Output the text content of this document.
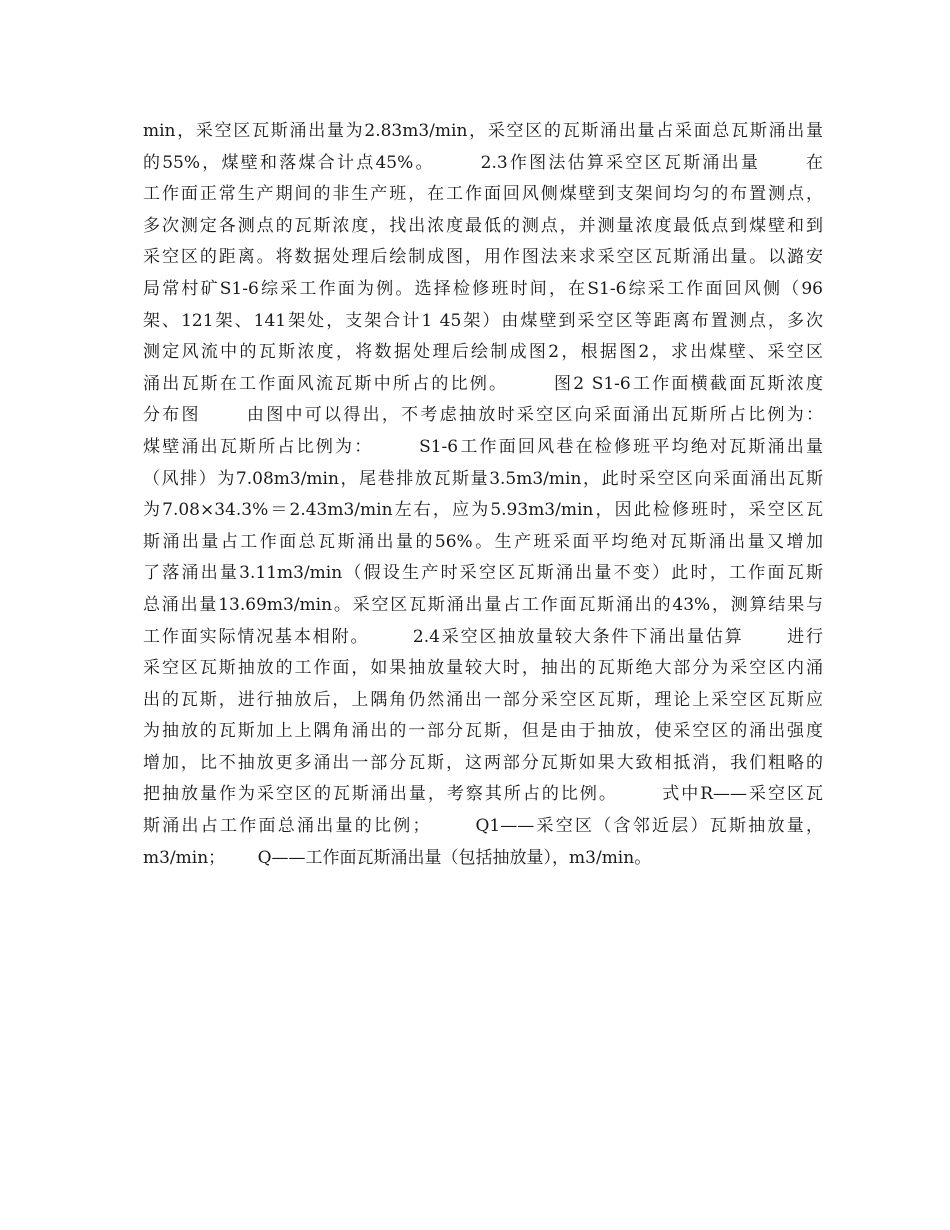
min，采空区瓦斯涌出量为2.83m3/min，采空区的瓦斯涌出量占采面总瓦斯涌出量
的55%，煤壁和落煤合计点45%。      2.3作图法估算采空区瓦斯涌出量      在
工作面正常生产期间的非生产班，在工作面回风侧煤壁到支架间均匀的布置测点，
多次测定各测点的瓦斯浓度，找出浓度最低的测点，并测量浓度最低点到煤壁和到
采空区的距离。将数据处理后绘制成图，用作图法来求采空区瓦斯涌出量。以潞安
局常村矿S1-6综采工作面为例。选择检修班时间，在S1-6综采工作面回风侧（96
架、121架、141架处，支架合计1 45架）由煤壁到采空区等距离布置测点，多次
测定风流中的瓦斯浓度，将数据处理后绘制成图2，根据图2，求出煤壁、采空区
涌出瓦斯在工作面风流瓦斯中所占的比例。      图2 S1-6工作面横截面瓦斯浓度
分布图      由图中可以得出，不考虑抽放时采空区向采面涌出瓦斯所占比例为：
煤壁涌出瓦斯所占比例为：      S1-6工作面回风巷在检修班平均绝对瓦斯涌出量
（风排）为7.08m3/min，尾巷排放瓦斯量3.5m3/min，此时采空区向采面涌出瓦斯
为7.08×34.3%＝2.43m3/min左右，应为5.93m3/min，因此检修班时，采空区瓦
斯涌出量占工作面总瓦斯涌出量的56%。生产班采面平均绝对瓦斯涌出量又增加
了落涌出量3.11m3/min（假设生产时采空区瓦斯涌出量不变）此时，工作面瓦斯
总涌出量13.69m3/min。采空区瓦斯涌出量占工作面瓦斯涌出的43%，测算结果与
工作面实际情况基本相附。      2.4采空区抽放量较大条件下涌出量估算      进行
采空区瓦斯抽放的工作面，如果抽放量较大时，抽出的瓦斯绝大部分为采空区内涌
出的瓦斯，进行抽放后，上隅角仍然涌出一部分采空区瓦斯，理论上采空区瓦斯应
为抽放的瓦斯加上上隅角涌出的一部分瓦斯，但是由于抽放，使采空区的涌出强度
增加，比不抽放更多涌出一部分瓦斯，这两部分瓦斯如果大致相抵消，我们粗略的
把抽放量作为采空区的瓦斯涌出量，考察其所占的比例。      式中R——采空区瓦
斯涌出占工作面总涌出量的比例；      Q1——采空区（含邻近层）瓦斯抽放量，
m3/min；      Q——工作面瓦斯涌出量（包括抽放量），m3/min。
